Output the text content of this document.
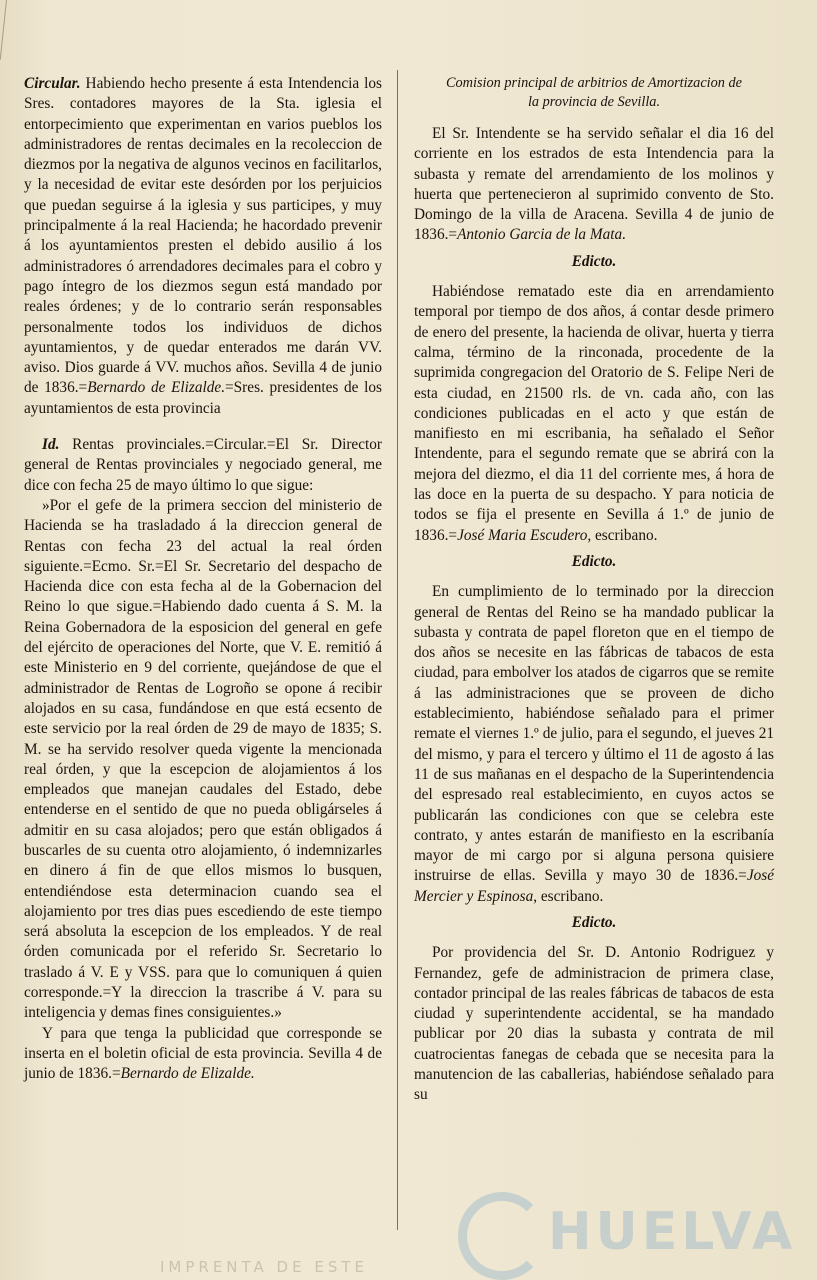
Circular. Habiendo hecho presente á esta Intendencia los Sres. contadores mayores de la Sta. iglesia el entorpecimiento que experimentan en varios pueblos los administradores de rentas decimales en la recoleccion de diezmos por la negativa de algunos vecinos en facilitarlos, y la necesidad de evitar este desórden por los perjuicios que puedan seguirse á la iglesia y sus participes, y muy principalmente á la real Hacienda; he hacordado prevenir á los ayuntamientos presten el debido ausilio á los administradores ó arrendadores decimales para el cobro y pago íntegro de los diezmos segun está mandado por reales órdenes; y de lo contrario serán responsables personalmente todos los individuos de dichos ayuntamientos, y de quedar enterados me darán VV. aviso. Dios guarde á VV. muchos años. Sevilla 4 de junio de 1836.=Bernardo de Elizalde.=Sres. presidentes de los ayuntamientos de esta provincia

Id. Rentas provinciales.=Circular.=El Sr. Director general de Rentas provinciales y negociado general, me dice con fecha 25 de mayo último lo que sigue:

»Por el gefe de la primera seccion del ministerio de Hacienda se ha trasladado á la direccion general de Rentas con fecha 23 del actual la real órden siguiente.=Ecmo. Sr.=El Sr. Secretario del despacho de Hacienda dice con esta fecha al de la Gobernacion del Reino lo que sigue.=Habiendo dado cuenta á S. M. la Reina Gobernadora de la esposicion del general en gefe del ejército de operaciones del Norte, que V. E. remitió á este Ministerio en 9 del corriente, quejándose de que el administrador de Rentas de Logroño se opone á recibir alojados en su casa, fundándose en que está ecsento de este servicio por la real órden de 29 de mayo de 1835; S. M. se ha servido resolver queda vigente la mencionada real órden, y que la escepcion de alojamientos á los empleados que manejan caudales del Estado, debe entenderse en el sentido de que no pueda obligárseles á admitir en su casa alojados; pero que están obligados á buscarles de su cuenta otro alojamiento, ó indemnizarles en dinero á fin de que ellos mismos lo busquen, entendiéndose esta determinacion cuando sea el alojamiento por tres dias pues escediendo de este tiempo será absoluta la escepcion de los empleados. Y de real órden comunicada por el referido Sr. Secretario lo traslado á V. E y VSS. para que lo comuniquen á quien corresponde.=Y la direccion la trascribe á V. para su inteligencia y demas fines consiguientes.»

Y para que tenga la publicidad que corresponde se inserta en el boletin oficial de esta provincia. Sevilla 4 de junio de 1836.=Bernardo de Elizalde.

Comision principal de arbitrios de Amortizacion de
la provincia de Sevilla.

El Sr. Intendente se ha servido señalar el dia 16 del corriente en los estrados de esta Intendencia para la subasta y remate del arrendamiento de los molinos y huerta que pertenecieron al suprimido convento de Sto. Domingo de la villa de Aracena. Sevilla 4 de junio de 1836.=Antonio Garcia de la Mata.

Edicto.

Habiéndose rematado este dia en arrendamiento temporal por tiempo de dos años, á contar desde primero de enero del presente, la hacienda de olivar, huerta y tierra calma, término de la rinconada, procedente de la suprimida congregacion del Oratorio de S. Felipe Neri de esta ciudad, en 21500 rls. de vn. cada año, con las condiciones publicadas en el acto y que están de manifiesto en mi escribania, ha señalado el Señor Intendente, para el segundo remate que se abrirá con la mejora del diezmo, el dia 11 del corriente mes, á hora de las doce en la puerta de su despacho. Y para noticia de todos se fija el presente en Sevilla á 1.º de junio de 1836.=José Maria Escudero, escribano.

Edicto.

En cumplimiento de lo terminado por la direccion general de Rentas del Reino se ha mandado publicar la subasta y contrata de papel floreton que en el tiempo de dos años se necesite en las fábricas de tabacos de esta ciudad, para embolver los atados de cigarros que se remite á las administraciones que se proveen de dicho establecimiento, habiéndose señalado para el primer remate el viernes 1.º de julio, para el segundo, el jueves 21 del mismo, y para el tercero y último el 11 de agosto á las 11 de sus mañanas en el despacho de la Superintendencia del espresado real establecimiento, en cuyos actos se publicarán las condiciones con que se celebra este contrato, y antes estarán de manifiesto en la escribanía mayor de mi cargo por si alguna persona quisiere instruirse de ellas. Sevilla y mayo 30 de 1836.=José Mercier y Espinosa, escribano.

Edicto.

Por providencia del Sr. D. Antonio Rodriguez y Fernandez, gefe de administracion de primera clase, contador principal de las reales fábricas de tabacos de esta ciudad y superintendente accidental, se ha mandado publicar por 20 dias la subasta y contrata de mil cuatrocientas fanegas de cebada que se necesita para la manutencion de las caballerias, habiéndose señalado para su

IMPRENTA DE ESTE
HUELVA
